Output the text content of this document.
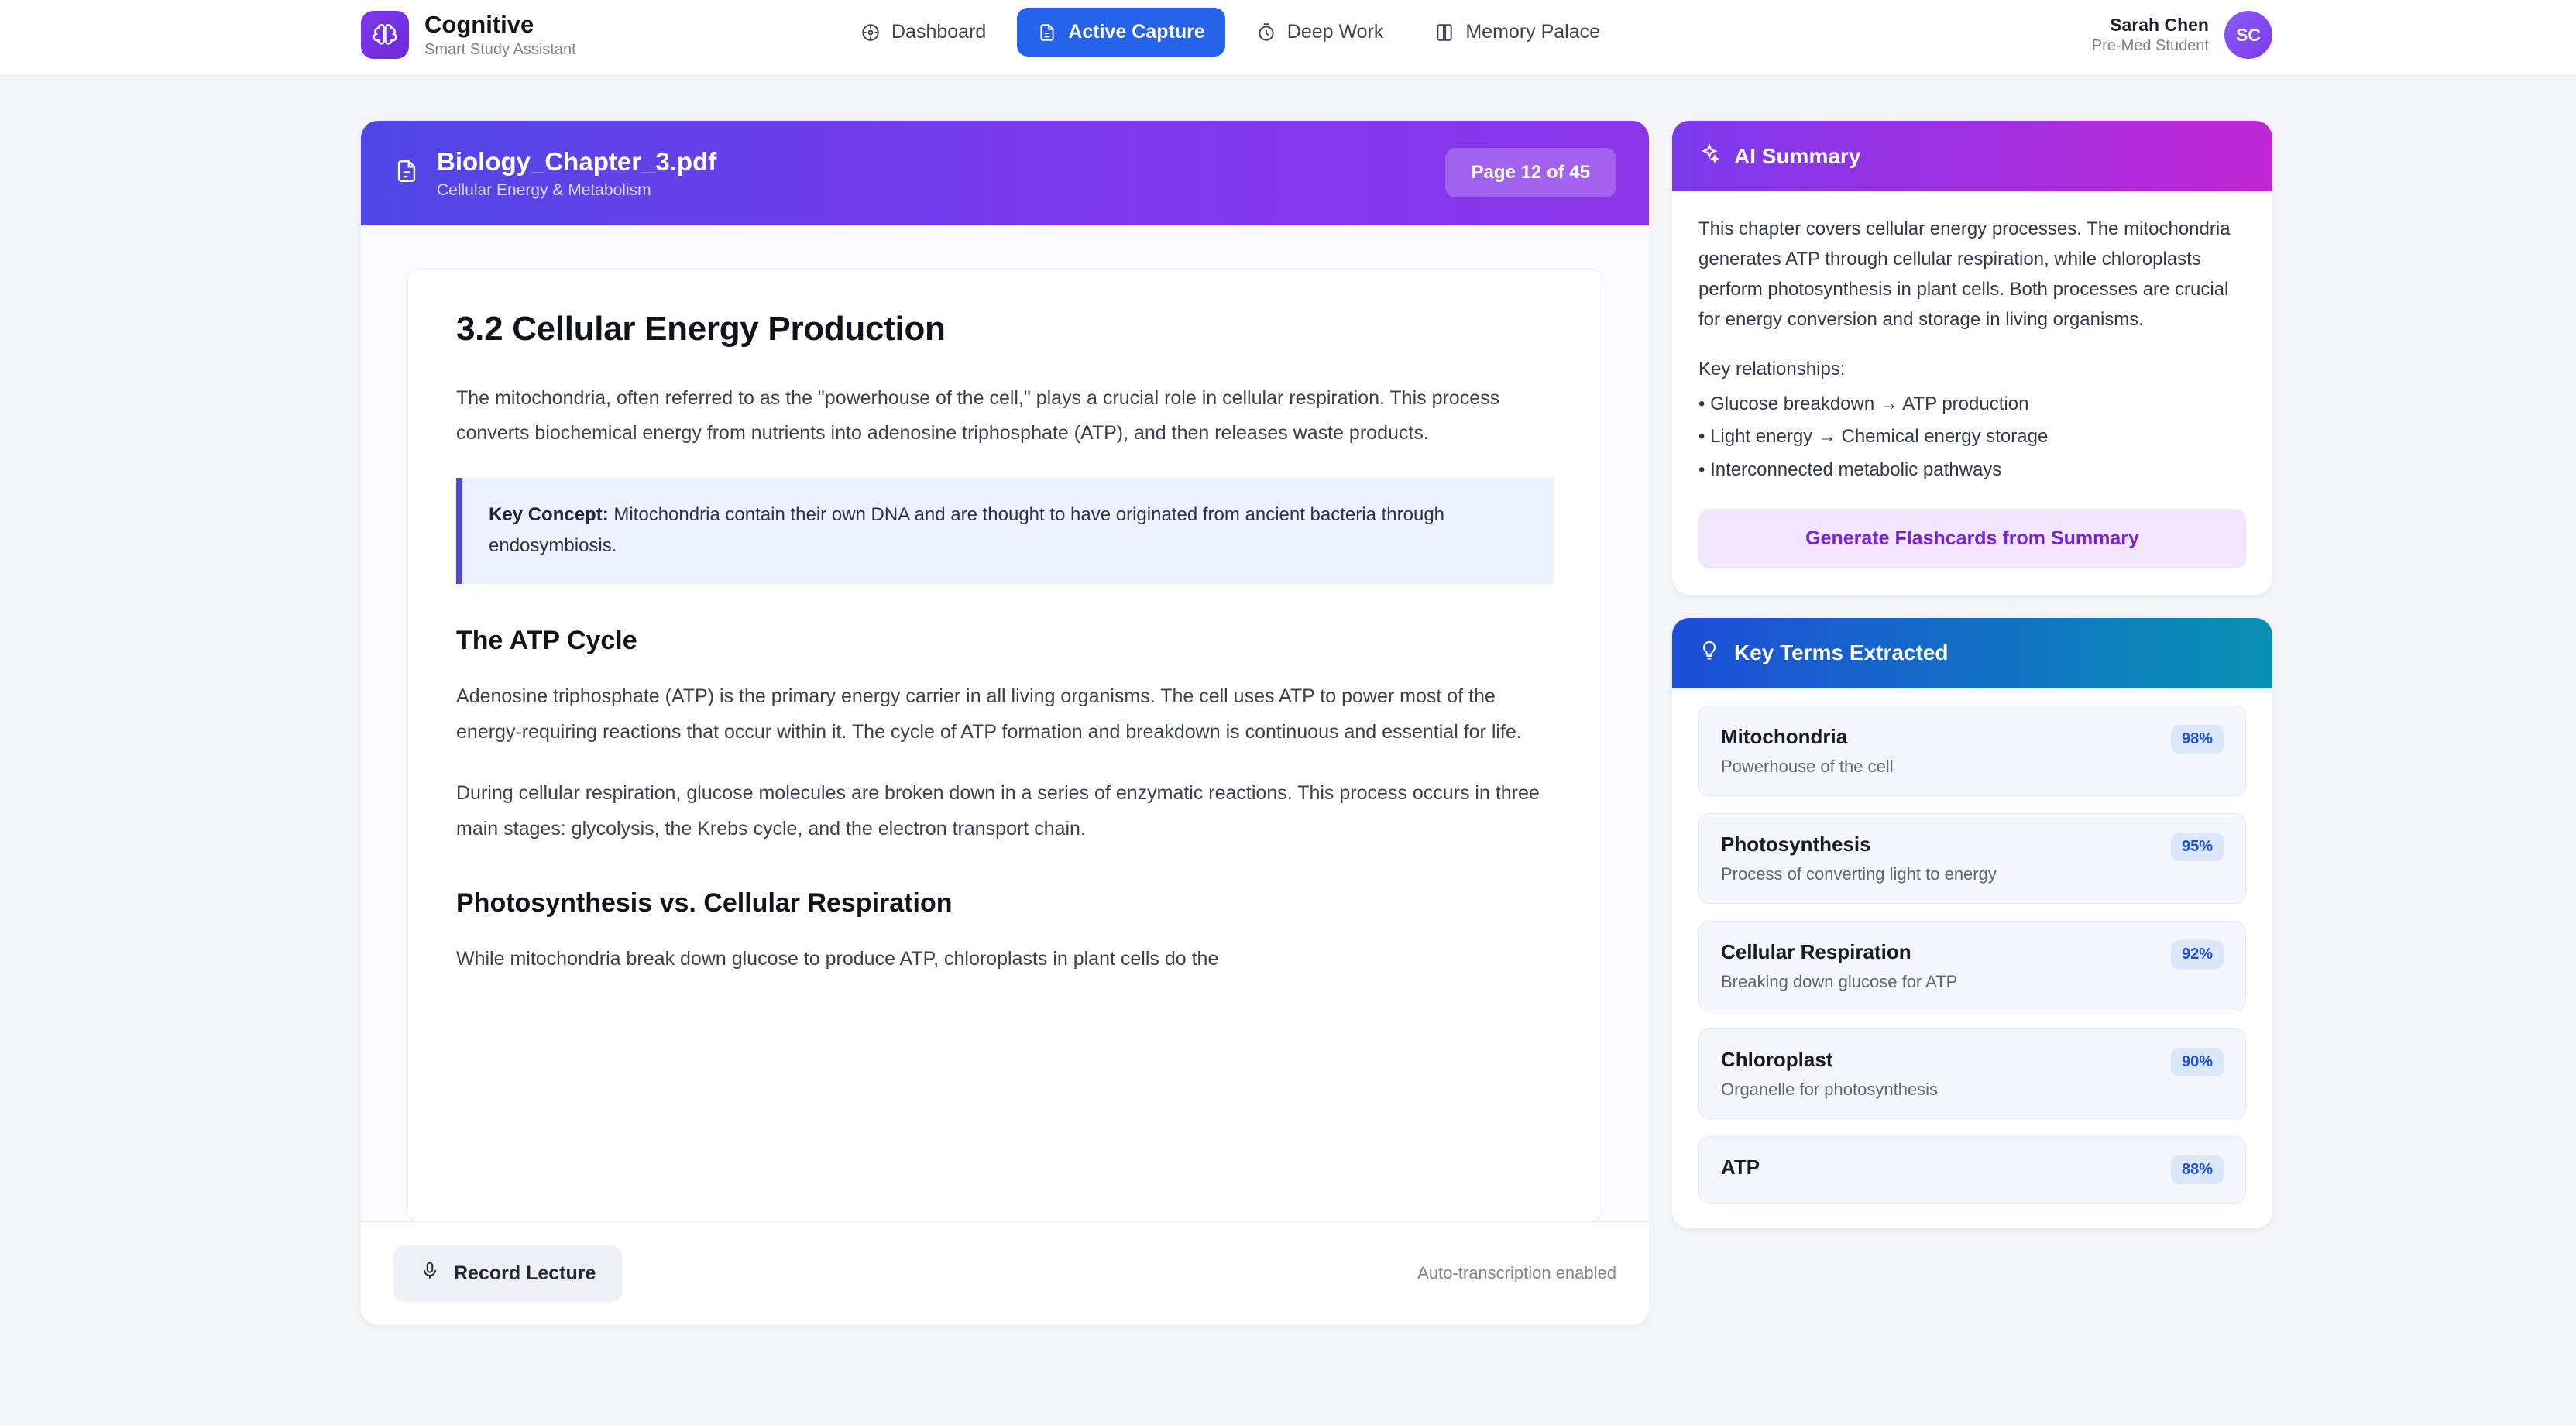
Cognitive
Smart Study Assistant
Dashboard	Active Capture	Deep Work	Memory Palace	Sarah Chen
Pre-Med Student
SC
Biology_Chapter_3.pdf
Cellular Energy & Metabolism
Page 12 of 45
3.2 Cellular Energy Production

The mitochondria, often referred to as the "powerhouse of the cell," plays a crucial role in cellular respiration. This process converts biochemical energy from nutrients into adenosine triphosphate (ATP), and then releases waste products.

Key Concept: Mitochondria contain their own DNA and are thought to have originated from ancient bacteria through endosymbiosis.
The ATP Cycle

Adenosine triphosphate (ATP) is the primary energy carrier in all living organisms. The cell uses ATP to power most of the energy-requiring reactions that occur within it. The cycle of ATP formation and breakdown is continuous and essential for life.

During cellular respiration, glucose molecules are broken down in a series of enzymatic reactions. This process occurs in three main stages: glycolysis, the Krebs cycle, and the electron transport chain.

Photosynthesis vs. Cellular Respiration

While mitochondria break down glucose to produce ATP, chloroplasts in plant cells do the

Record Lecture	Auto-transcription enabled
AI Summary

This chapter covers cellular energy processes. The mitochondria generates ATP through cellular respiration, while chloroplasts perform photosynthesis in plant cells. Both processes are crucial for energy conversion and storage in living organisms.

Key relationships:
• Glucose breakdown → ATP production
• Light energy → Chemical energy storage
• Interconnected metabolic pathways
Generate Flashcards from Summary
Key Terms Extracted
Mitochondria
Powerhouse of the cell
98%
Photosynthesis
Process of converting light to energy
95%
Cellular Respiration
Breaking down glucose for ATP
92%
Chloroplast
Organelle for photosynthesis
90%
ATP	88%
